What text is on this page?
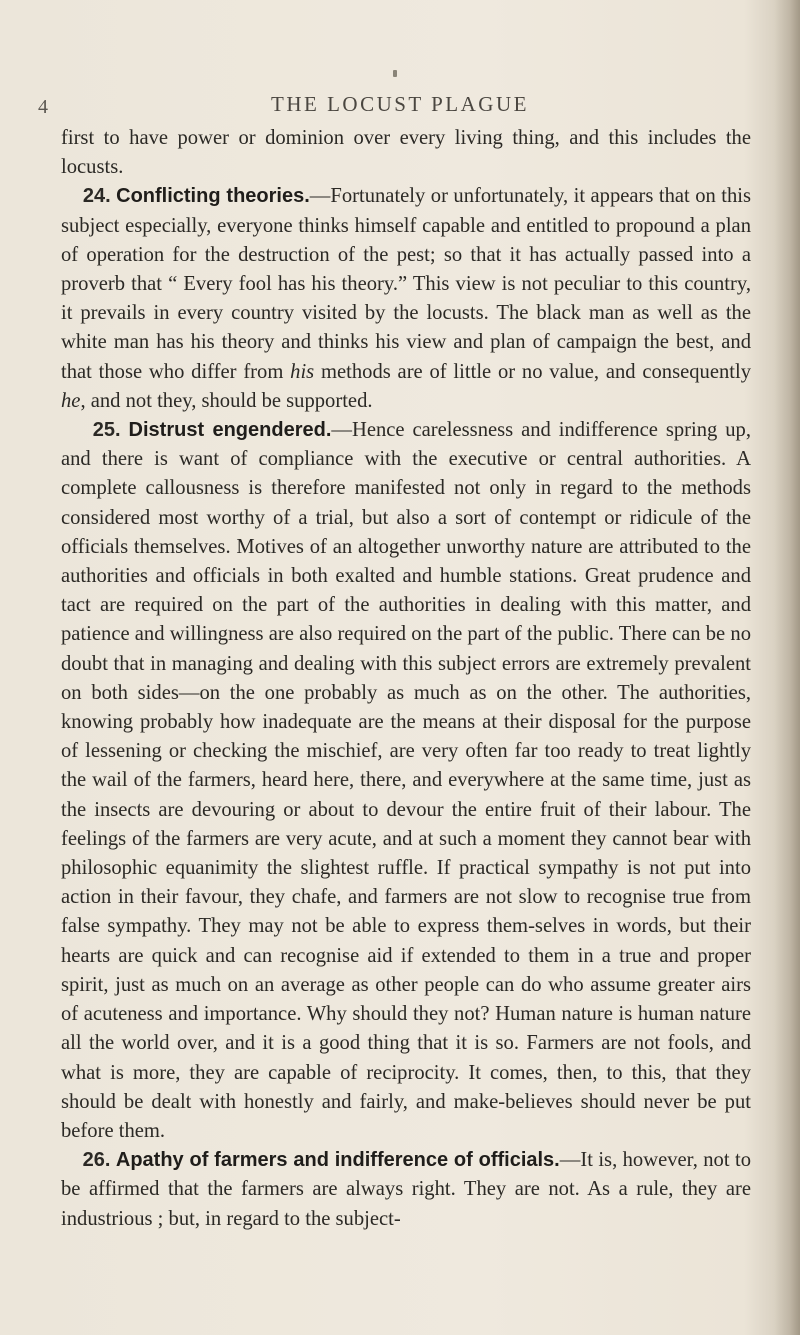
4	THE LOCUST PLAGUE

first to have power or dominion over every living thing, and this includes the locusts.

24. Conflicting theories.—Fortunately or unfortunately, it appears that on this subject especially, everyone thinks himself capable and entitled to propound a plan of operation for the destruction of the pest; so that it has actually passed into a proverb that “ Every fool has his theory.” This view is not peculiar to this country, it prevails in every country visited by the locusts. The black man as well as the white man has his theory and thinks his view and plan of campaign the best, and that those who differ from his methods are of little or no value, and consequently he, and not they, should be supported.

25. Distrust engendered.—Hence carelessness and indifference spring up, and there is want of compliance with the executive or central authorities. A complete callousness is therefore manifested not only in regard to the methods considered most worthy of a trial, but also a sort of contempt or ridicule of the officials themselves. Motives of an altogether unworthy nature are attributed to the authorities and officials in both exalted and humble stations. Great prudence and tact are required on the part of the authorities in dealing with this matter, and patience and willingness are also required on the part of the public. There can be no doubt that in managing and dealing with this subject errors are extremely prevalent on both sides—on the one probably as much as on the other. The authorities, knowing probably how inadequate are the means at their disposal for the purpose of lessening or checking the mischief, are very often far too ready to treat lightly the wail of the farmers, heard here, there, and everywhere at the same time, just as the insects are devouring or about to devour the entire fruit of their labour. The feelings of the farmers are very acute, and at such a moment they cannot bear with philosophic equanimity the slightest ruffle. If practical sympathy is not put into action in their favour, they chafe, and farmers are not slow to recognise true from false sympathy. They may not be able to express them-selves in words, but their hearts are quick and can recognise aid if extended to them in a true and proper spirit, just as much on an average as other people can do who assume greater airs of acuteness and importance. Why should they not? Human nature is human nature all the world over, and it is a good thing that it is so. Farmers are not fools, and what is more, they are capable of reciprocity. It comes, then, to this, that they should be dealt with honestly and fairly, and make-believes should never be put before them.

26. Apathy of farmers and indifference of officials.—It is, however, not to be affirmed that the farmers are always right. They are not. As a rule, they are industrious ; but, in regard to the subject-
